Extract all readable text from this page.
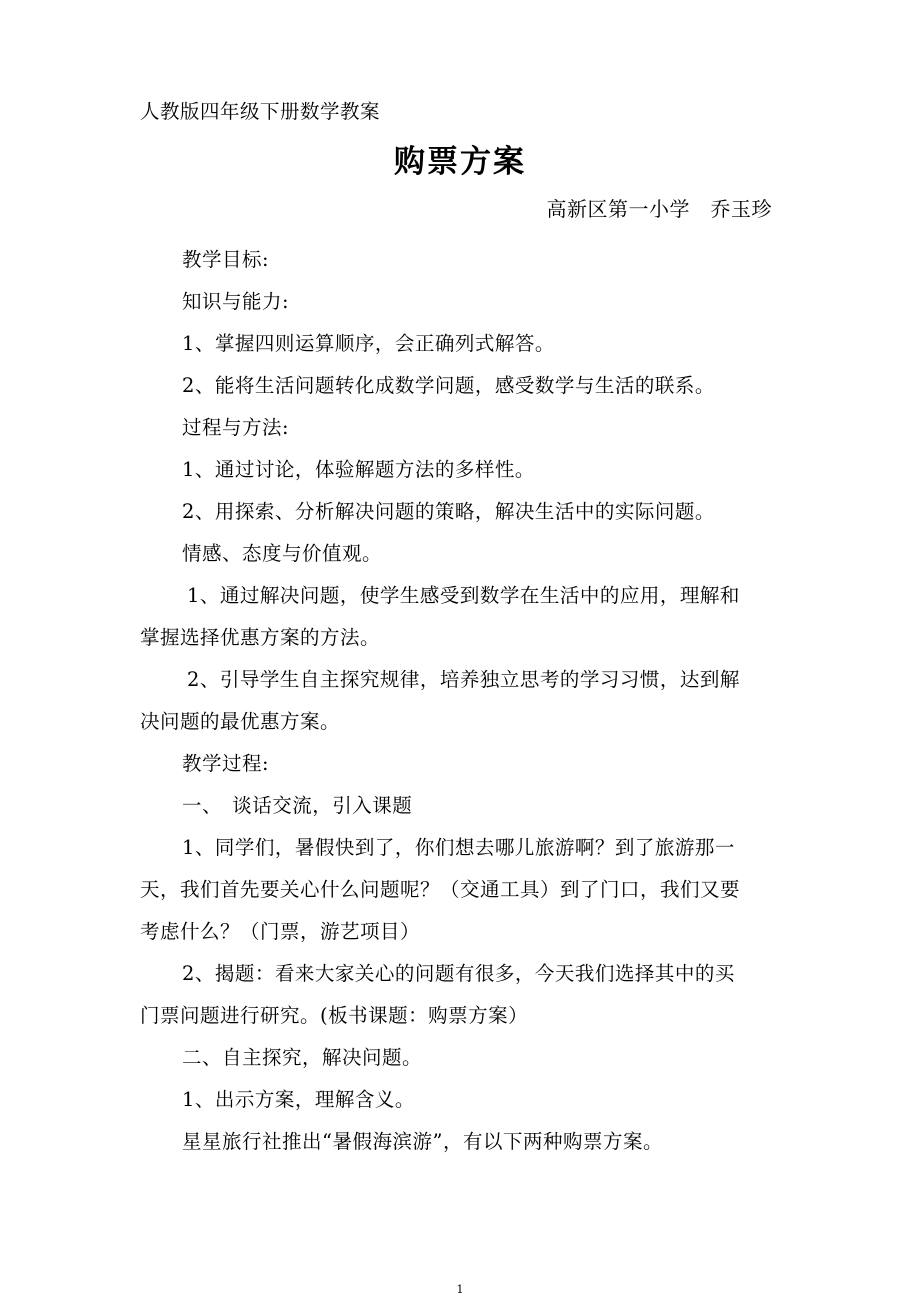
人教版四年级下册数学教案
购票方案
高新区第一小学　乔玉珍
教学目标:
知识与能力:
1、掌握四则运算顺序，会正确列式解答。
2、能将生活问题转化成数学问题，感受数学与生活的联系。
过程与方法:
1、通过讨论，体验解题方法的多样性。
2、用探索、分析解决问题的策略，解决生活中的实际问题。
情感、态度与价值观。
1、通过解决问题，使学生感受到数学在生活中的应用，理解和
掌握选择优惠方案的方法。
2、引导学生自主探究规律，培养独立思考的学习习惯，达到解
决问题的最优惠方案。
教学过程:
一、　谈话交流，引入课题
1、同学们，暑假快到了，你们想去哪儿旅游啊？到了旅游那一
天，我们首先要关心什么问题呢？（交通工具）到了门口，我们又要
考虑什么？（门票，游艺项目）
2、揭题：看来大家关心的问题有很多，今天我们选择其中的买
门票问题进行研究。(板书课题：购票方案）
二、自主探究，解决问题。
1、出示方案，理解含义。
星星旅行社推出“暑假海滨游”，有以下两种购票方案。
1
